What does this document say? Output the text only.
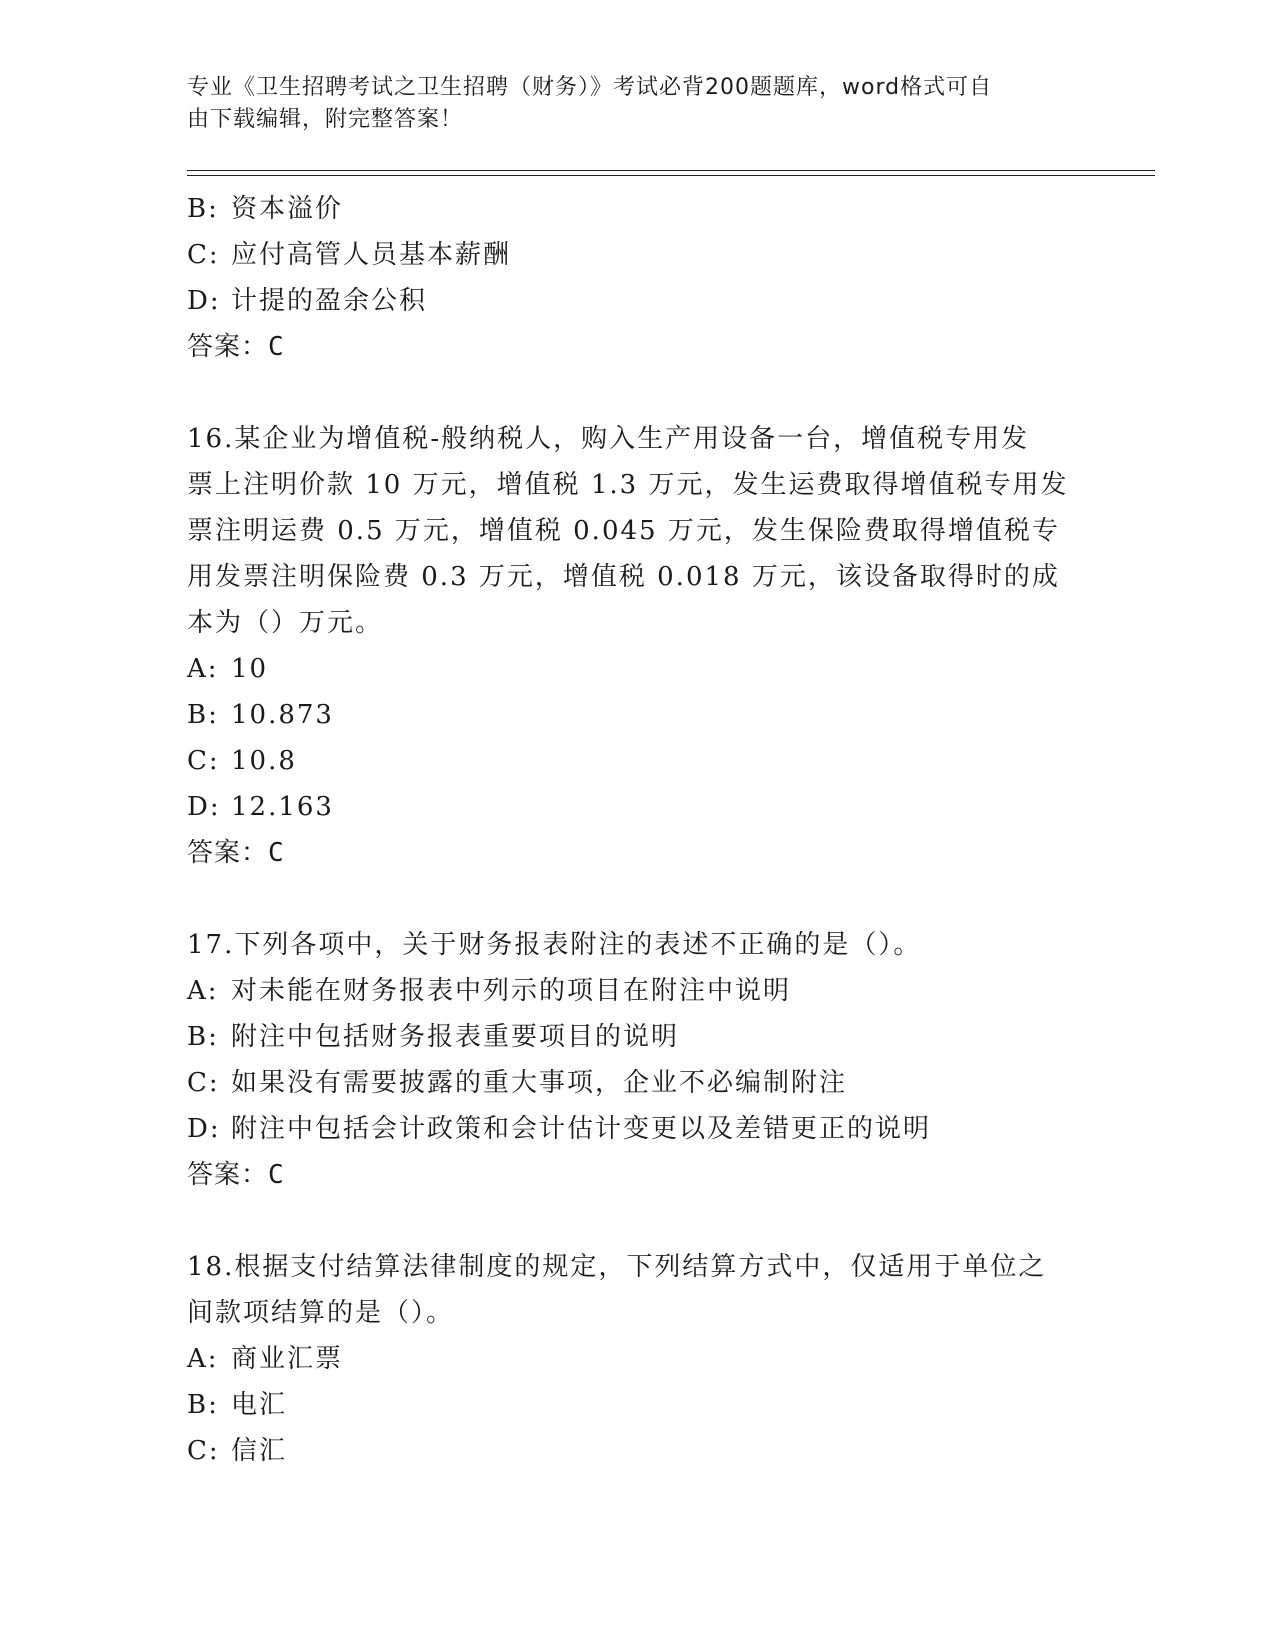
专业《卫生招聘考试之卫生招聘（财务）》考试必背200题题库，word格式可自
由下载编辑，附完整答案！
B: 资本溢价
C: 应付高管人员基本薪酬
D: 计提的盈余公积
答案：C
16.某企业为增值税-般纳税人，购入生产用设备一台，增值税专用发
票上注明价款 10 万元，增值税 1.3 万元，发生运费取得增值税专用发
票注明运费 0.5 万元，增值税 0.045 万元，发生保险费取得增值税专
用发票注明保险费 0.3 万元，增值税 0.018 万元，该设备取得时的成
本为（）万元。
A: 10
B: 10.873
C: 10.8
D: 12.163
答案：C
17.下列各项中，关于财务报表附注的表述不正确的是（）。
A: 对未能在财务报表中列示的项目在附注中说明
B: 附注中包括财务报表重要项目的说明
C: 如果没有需要披露的重大事项，企业不必编制附注
D: 附注中包括会计政策和会计估计变更以及差错更正的说明
答案：C
18.根据支付结算法律制度的规定，下列结算方式中，仅适用于单位之
间款项结算的是（）。
A: 商业汇票
B: 电汇
C: 信汇
